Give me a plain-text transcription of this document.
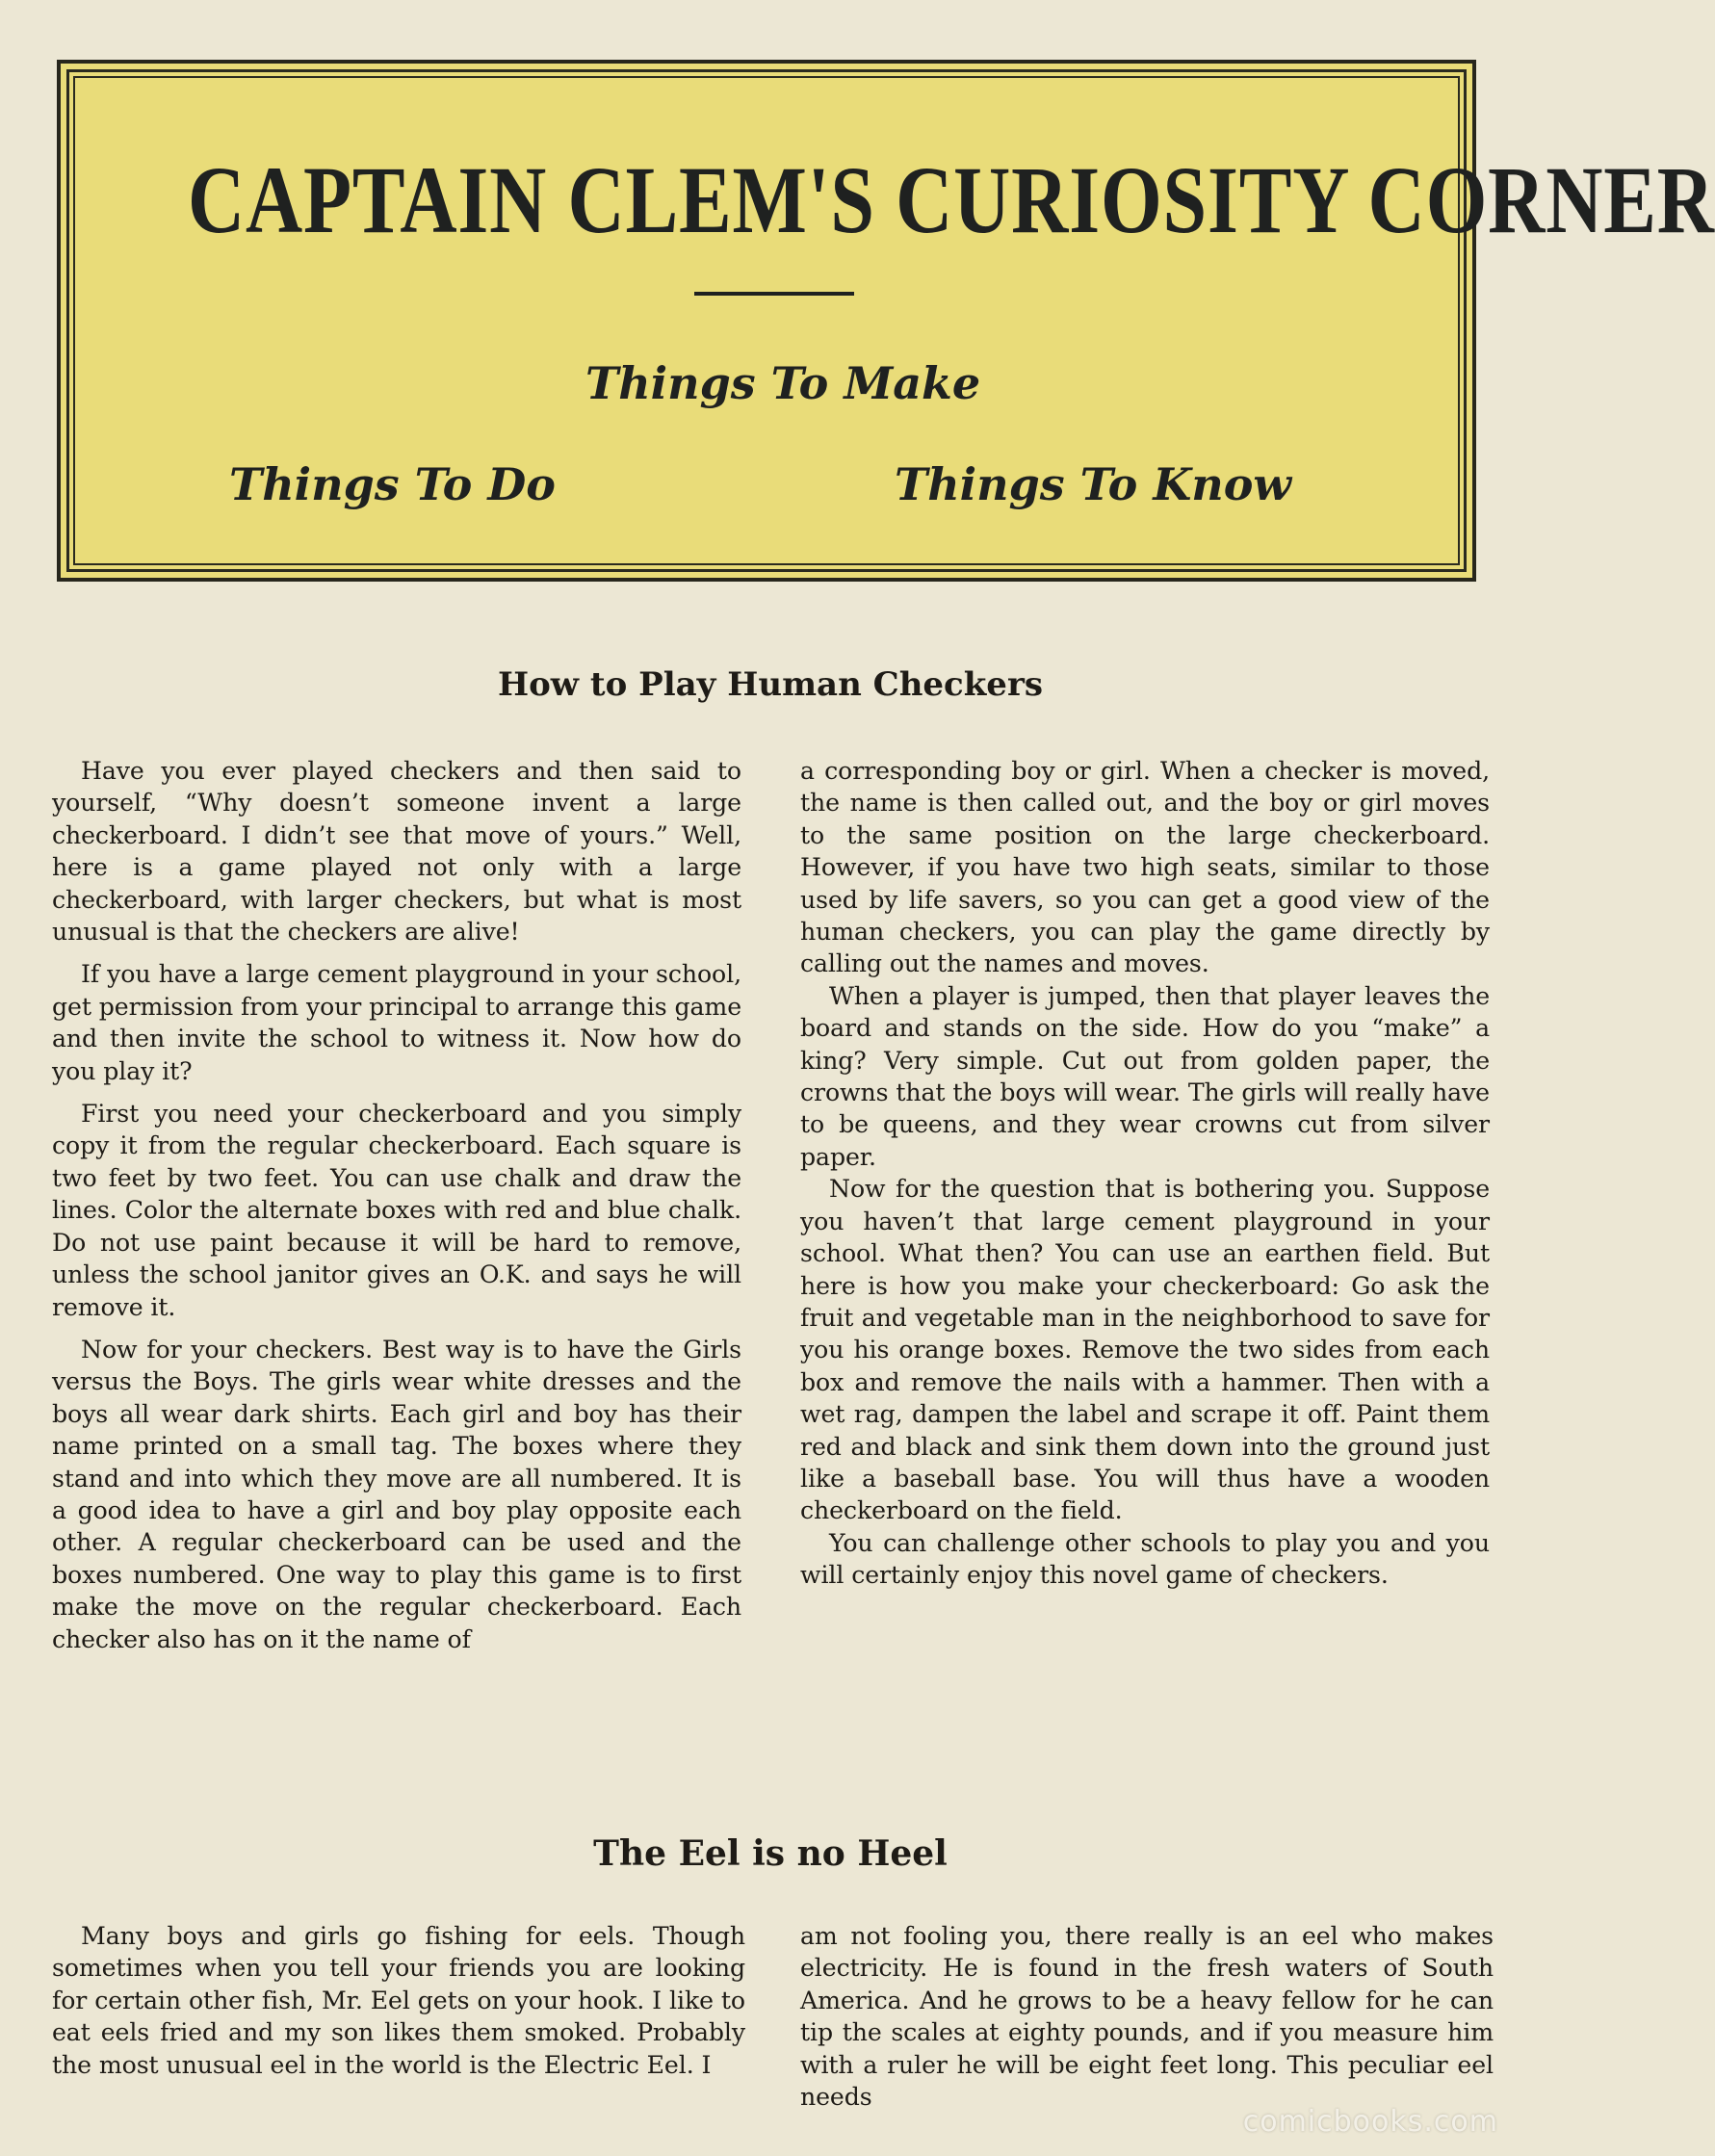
CAPTAIN CLEM'S CURIOSITY CORNER
Things To Make
Things To Do	Things To Know
How to Play Human Checkers

Have you ever played checkers and then said to yourself, “Why doesn’t someone invent a large checkerboard. I didn’t see that move of yours.” Well, here is a game played not only with a large checkerboard, with larger checkers, but what is most unusual is that the checkers are alive!

If you have a large cement playground in your school, get permission from your principal to arrange this game and then invite the school to witness it. Now how do you play it?

First you need your checkerboard and you simply copy it from the regular checkerboard. Each square is two feet by two feet. You can use chalk and draw the lines. Color the alternate boxes with red and blue chalk. Do not use paint because it will be hard to remove, unless the school janitor gives an O.K. and says he will remove it.

Now for your checkers. Best way is to have the Girls versus the Boys. The girls wear white dresses and the boys all wear dark shirts. Each girl and boy has their name printed on a small tag. The boxes where they stand and into which they move are all numbered. It is a good idea to have a girl and boy play opposite each other. A regular checkerboard can be used and the boxes numbered. One way to play this game is to first make the move on the regular checkerboard. Each checker also has on it the name of

a corresponding boy or girl. When a checker is moved, the name is then called out, and the boy or girl moves to the same position on the large checkerboard. However, if you have two high seats, similar to those used by life savers, so you can get a good view of the human checkers, you can play the game directly by calling out the names and moves.

When a player is jumped, then that player leaves the board and stands on the side. How do you “make” a king? Very simple. Cut out from golden paper, the crowns that the boys will wear. The girls will really have to be queens, and they wear crowns cut from silver paper.

Now for the question that is bothering you. Suppose you haven’t that large cement playground in your school. What then? You can use an earthen field. But here is how you make your checkerboard: Go ask the fruit and vegetable man in the neighborhood to save for you his orange boxes. Remove the two sides from each box and remove the nails with a hammer. Then with a wet rag, dampen the label and scrape it off. Paint them red and black and sink them down into the ground just like a baseball base. You will thus have a wooden checkerboard on the field.

You can challenge other schools to play you and you will certainly enjoy this novel game of checkers.

The Eel is no Heel

Many boys and girls go fishing for eels. Though sometimes when you tell your friends you are looking for certain other fish, Mr. Eel gets on your hook. I like to eat eels fried and my son likes them smoked. Probably the most unusual eel in the world is the Electric Eel. I

am not fooling you, there really is an eel who makes electricity. He is found in the fresh waters of South America. And he grows to be a heavy fellow for he can tip the scales at eighty pounds, and if you measure him with a ruler he will be eight feet long. This peculiar eel needs

comicbooks.com
